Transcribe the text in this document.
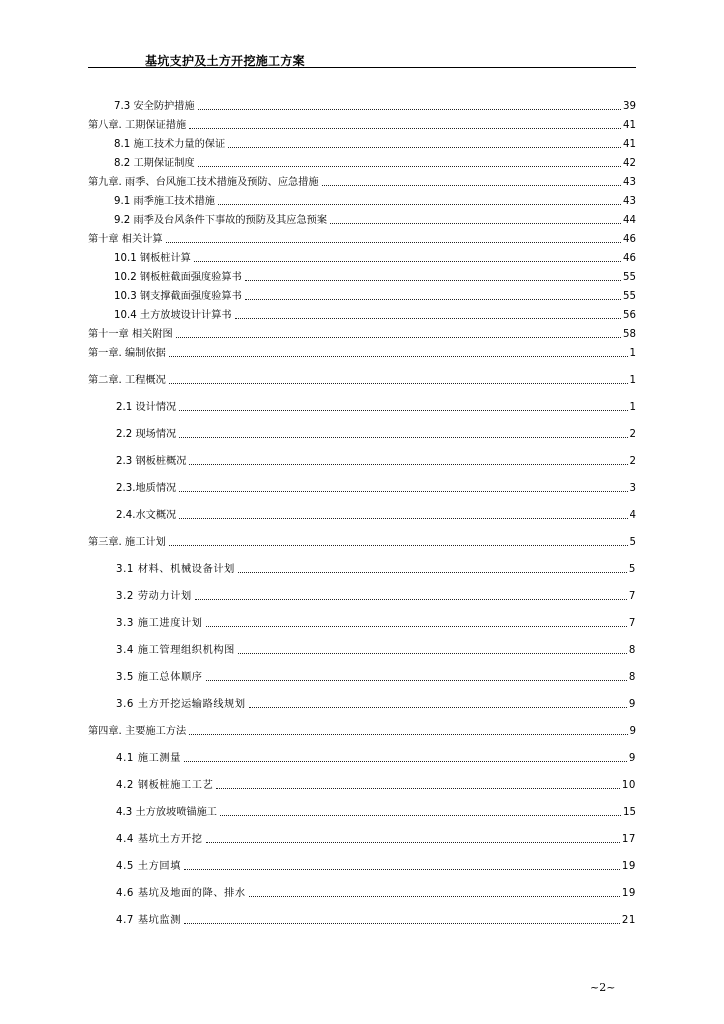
基坑支护及土方开挖施工方案
7.3 安全防护措施	39
第八章. 工期保证措施	41
8.1 施工技术力量的保证	41
8.2 工期保证制度	42
第九章. 雨季、台风施工技术措施及预防、应急措施	43
9.1 雨季施工技术措施	43
9.2 雨季及台风条件下事故的预防及其应急预案	44
第十章 相关计算	46
10.1 钢板桩计算	46
10.2 钢板桩截面强度验算书	55
10.3 钢支撑截面强度验算书	55
10.4 土方放坡设计计算书	56
第十一章 相关附图	58
第一章. 编制依据	1
第二章. 工程概况	1
2.1 设计情况	1
2.2 现场情况	2
2.3 钢板桩概况	2
2.3.地质情况	3
2.4.水文概况	4
第三章. 施工计划	5
3.1 材料、机械设备计划	5
3.2 劳动力计划	7
3.3 施工进度计划	7
3.4 施工管理组织机构图	8
3.5 施工总体顺序	8
3.6 土方开挖运输路线规划	9
第四章. 主要施工方法	9
4.1 施工测量	9
4.2 钢板桩施工工艺	10
4.3 土方放坡喷锚施工	15
4.4 基坑土方开挖	17
4.5 土方回填	19
4.6 基坑及地面的降、排水	19
4.7 基坑监测	21
~2~
